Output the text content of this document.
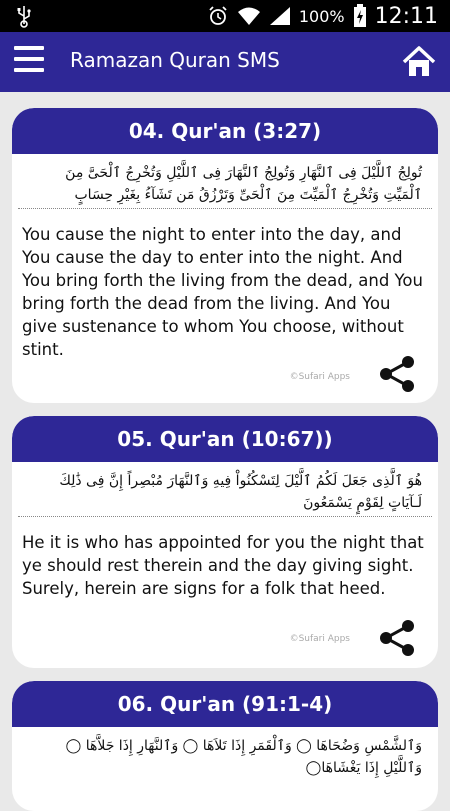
100% 12:11
Ramazan Quran SMS
04. Qur'an (3:27)
تُولِجُ ٱللَّيْلَ فِى ٱلنَّهَارِ وَتُولِجُ ٱلنَّهَارَ فِى ٱللَّيْلِ وَتُخْرِجُ ٱلْحَىَّ مِنَ ٱلْمَيِّتِ وَتُخْرِجُ ٱلْمَيِّتَ مِنَ ٱلْحَىِّ وَتَرْزُقُ مَن تَشَآءُ بِغَيْرِ حِسَابٍ
You cause the night to enter into the day, and You cause the day to enter into the night. And You bring forth the living from the dead, and You bring forth the dead from the living. And You give sustenance to whom You choose, without stint.
©Sufari Apps
05. Qur'an (10:67))
هُوَ ٱلَّذِى جَعَلَ لَكُمُ ٱلَّيْلَ لِتَسْكُنُواْ فِيهِ وَٱلنَّهَارَ مُبْصِراً إِنَّ فِى ذَٰلِكَ لَـآيَاتٍ لِقَوْمٍ يَسْمَعُونَ
He it is who has appointed for you the night that ye should rest therein and the day giving sight. Surely, herein are signs for a folk that heed.
©Sufari Apps
06. Qur'an (91:1-4)
وَٱلشَّمْسِ وَضُحَاهَا ◯ وَٱلْقَمَرِ إِذَا تَلاَهَا ◯ وَٱلنَّهَارِ إِذَا جَلاَّهَا ◯ وَٱللَّيْلِ إِذَا يَغْشَاهَا◯
